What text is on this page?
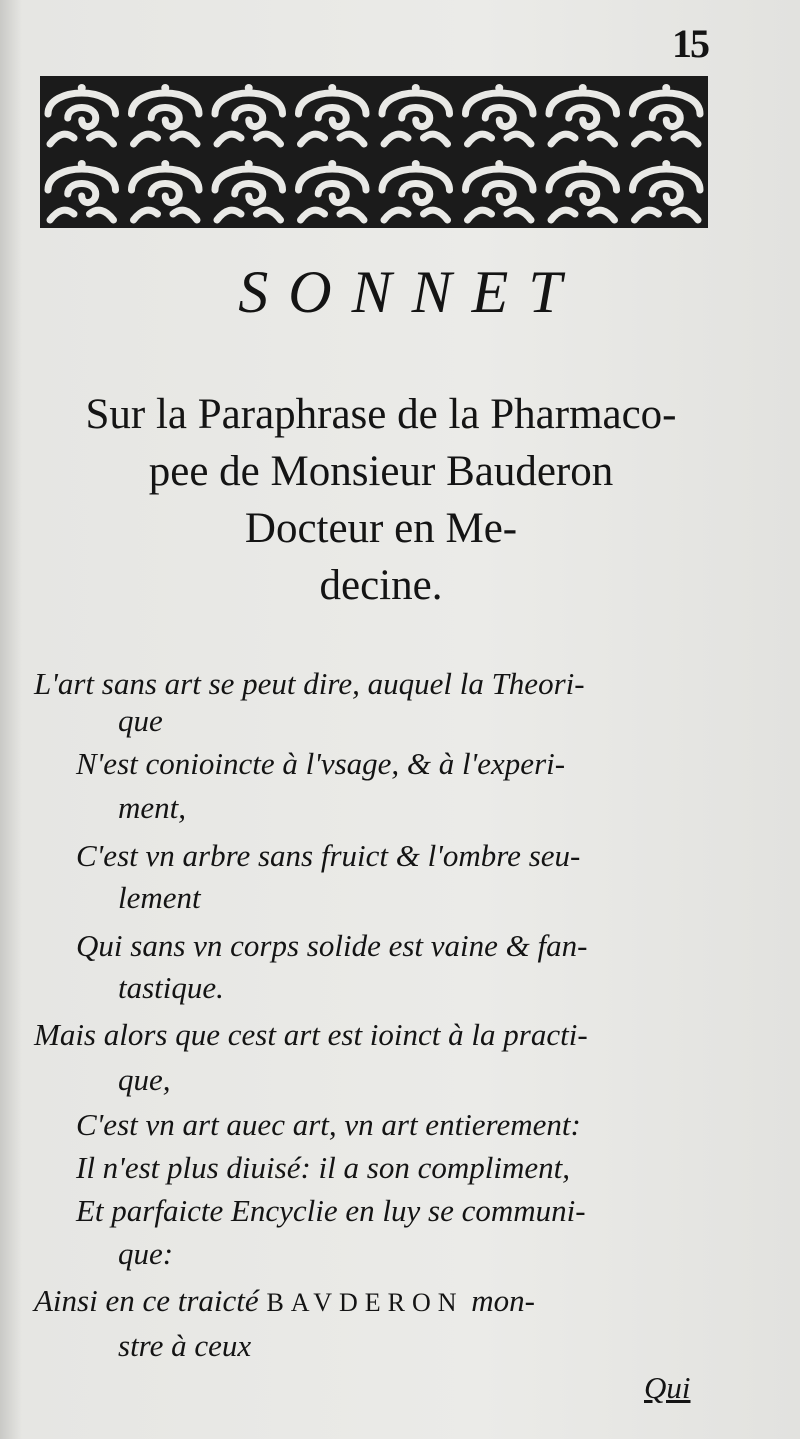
15
SONNET
Sur la Paraphrase de la Pharmaco-
pee de Monsieur Bauderon
Docteur en Me-
decine.
L'art sans art se peut dire, auquel la Theori-
que
N'est conioincte à l'vsage, & à l'experi-
ment,
C'est vn arbre sans fruict & l'ombre seu-
lement
Qui sans vn corps solide est vaine & fan-
tastique.
Mais alors que cest art est ioinct à la practi-
que,
C'est vn art auec art, vn art entierement:
Il n'est plus diuisé: il a son compliment,
Et parfaicte Encyclie en luy se communi-
que:
Ainsi en ce traicté BAVDERON mon-
stre à ceux
Qui
